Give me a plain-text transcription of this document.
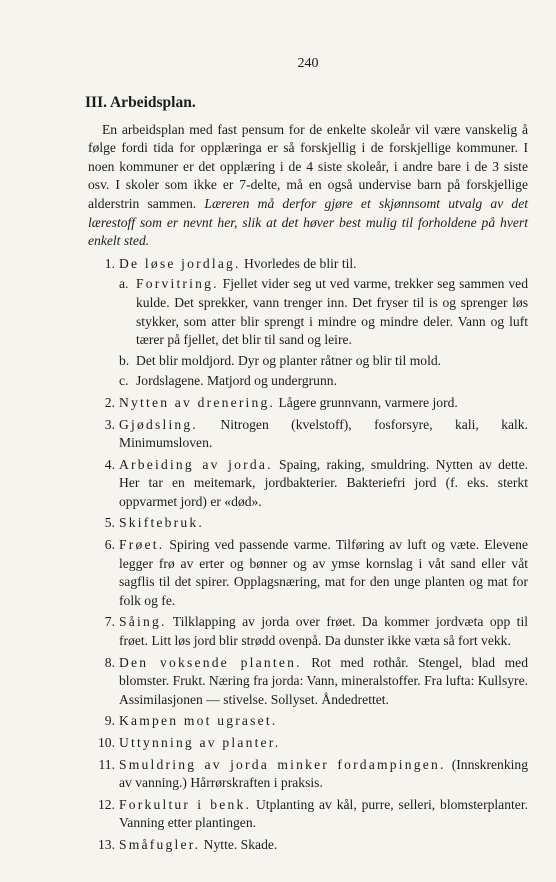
240
III. Arbeidsplan.

En arbeidsplan med fast pensum for de enkelte skoleår vil være vanskelig å følge fordi tida for opplæringa er så forskjellig i de forskjellige kommuner. I noen kommuner er det opplæring i de 4 siste skoleår, i andre bare i de 3 siste osv. I skoler som ikke er 7-delte, må en også undervise barn på forskjellige alderstrin sammen. Læreren må derfor gjøre et skjønnsomt utvalg av det lærestoff som er nevnt her, slik at det høver best mulig til forholdene på hvert enkelt sted.

1. De løse jordlag. Hvorledes de blir til.
a. Forvitring. Fjellet vider seg ut ved varme, trekker seg sammen ved kulde. Det sprekker, vann trenger inn. Det fryser til is og sprenger løs stykker, som atter blir sprengt i mindre og mindre deler. Vann og luft tærer på fjellet, det blir til sand og leire.
b. Det blir moldjord. Dyr og planter råtner og blir til mold.
c. Jordslagene. Matjord og undergrunn.
2. Nytten av drenering. Lågere grunnvann, varmere jord.
3. Gjødsling. Nitrogen (kvelstoff), fosforsyre, kali, kalk. Minimumsloven.
4. Arbeiding av jorda. Spaing, raking, smuldring. Nytten av dette. Her tar en meitemark, jordbakterier. Bakteriefri jord (f. eks. sterkt oppvarmet jord) er «død».
5. Skiftebruk.
6. Frøet. Spiring ved passende varme. Tilføring av luft og væte. Elevene legger frø av erter og bønner og av ymse kornslag i våt sand eller våt sagflis til det spirer. Opplagsnæring, mat for den unge planten og mat for folk og fe.
7. Såing. Tilklapping av jorda over frøet. Da kommer jordvæta opp til frøet. Litt løs jord blir strødd ovenpå. Da dunster ikke væta så fort vekk.
8. Den voksende planten. Rot med rothår. Stengel, blad med blomster. Frukt. Næring fra jorda: Vann, mineralstoffer. Fra lufta: Kullsyre. Assimilasjonen — stivelse. Sollyset. Åndedrettet.
9. Kampen mot ugraset.
10. Uttynning av planter.
11. Smuldring av jorda minker fordampingen. (Innskrenking av vanning.) Hårrørskraften i praksis.
12. Forkultur i benk. Utplanting av kål, purre, selleri, blomsterplanter. Vanning etter plantingen.
13. Småfugler. Nytte. Skade.
